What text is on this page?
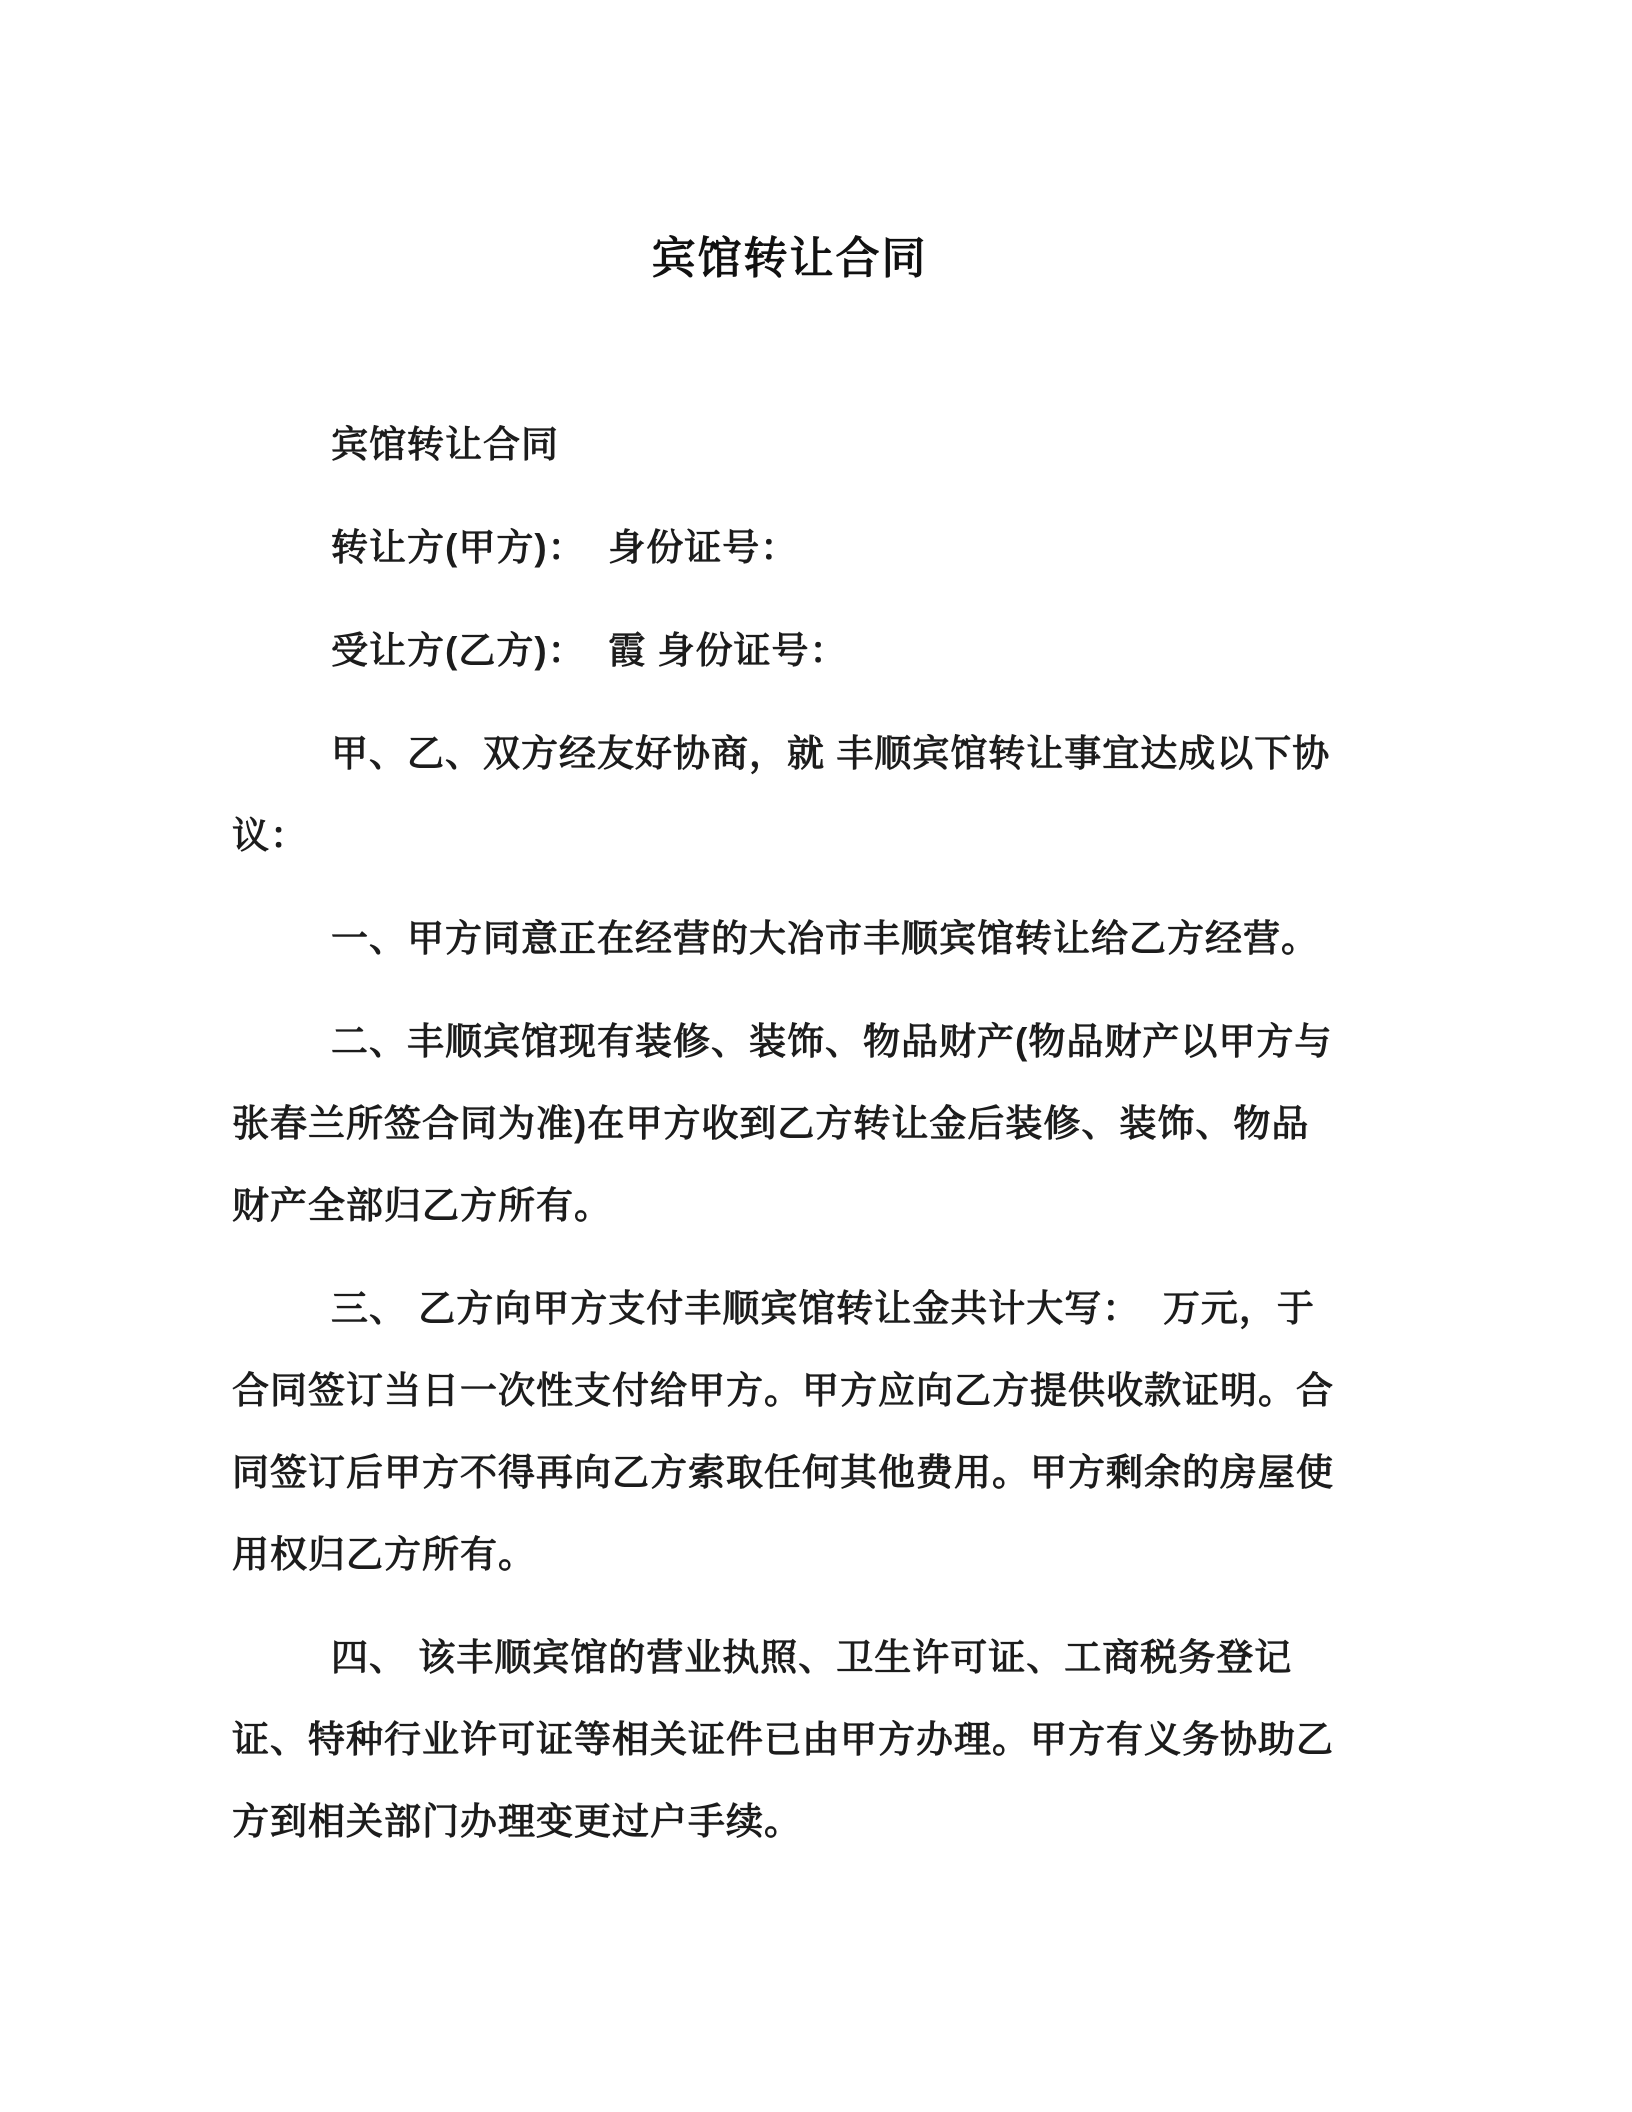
宾馆转让合同

宾馆转让合同

转让方(甲方)：  身份证号：

受让方(乙方)：  霞 身份证号：

甲、乙、双方经友好协商，就 丰顺宾馆转让事宜达成以下协议：

一、甲方同意正在经营的大冶市丰顺宾馆转让给乙方经营。

二、丰顺宾馆现有装修、装饰、物品财产(物品财产以甲方与张春兰所签合同为准)在甲方收到乙方转让金后装修、装饰、物品财产全部归乙方所有。

三、 乙方向甲方支付丰顺宾馆转让金共计大写：  万元，于合同签订当日一次性支付给甲方。甲方应向乙方提供收款证明。合同签订后甲方不得再向乙方索取任何其他费用。甲方剩余的房屋使用权归乙方所有。

四、 该丰顺宾馆的营业执照、卫生许可证、工商税务登记证、特种行业许可证等相关证件已由甲方办理。甲方有义务协助乙方到相关部门办理变更过户手续。
